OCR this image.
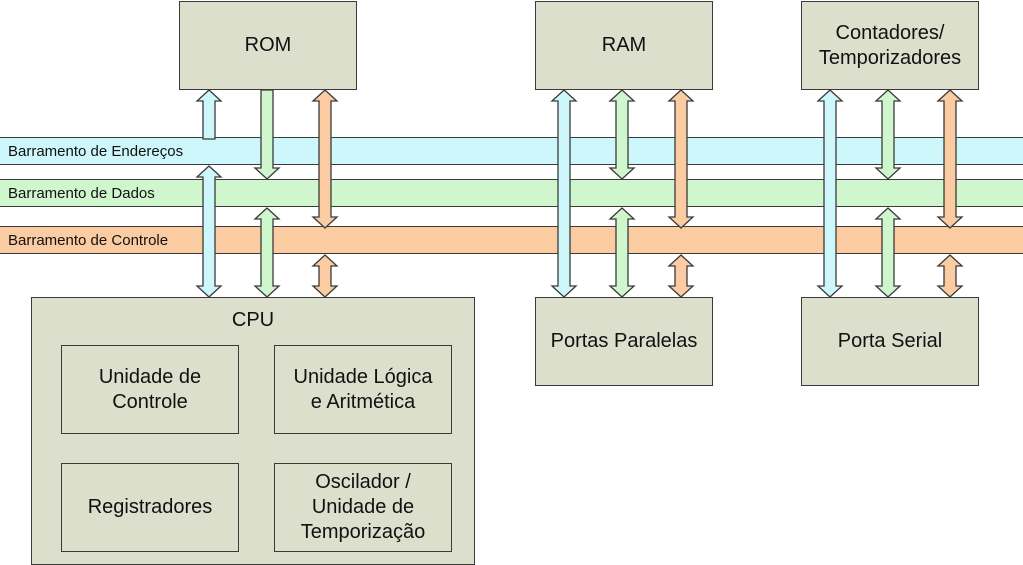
Barramento de Endereços
Barramento de Dados
Barramento de Controle
ROM	RAM
Contadores/
Temporizadores
Portas Paralelas	Porta Serial
CPU
Unidade de
Controle
Unidade Lógica
e Aritmética
Registradores
Oscilador /
Unidade de
Temporização
